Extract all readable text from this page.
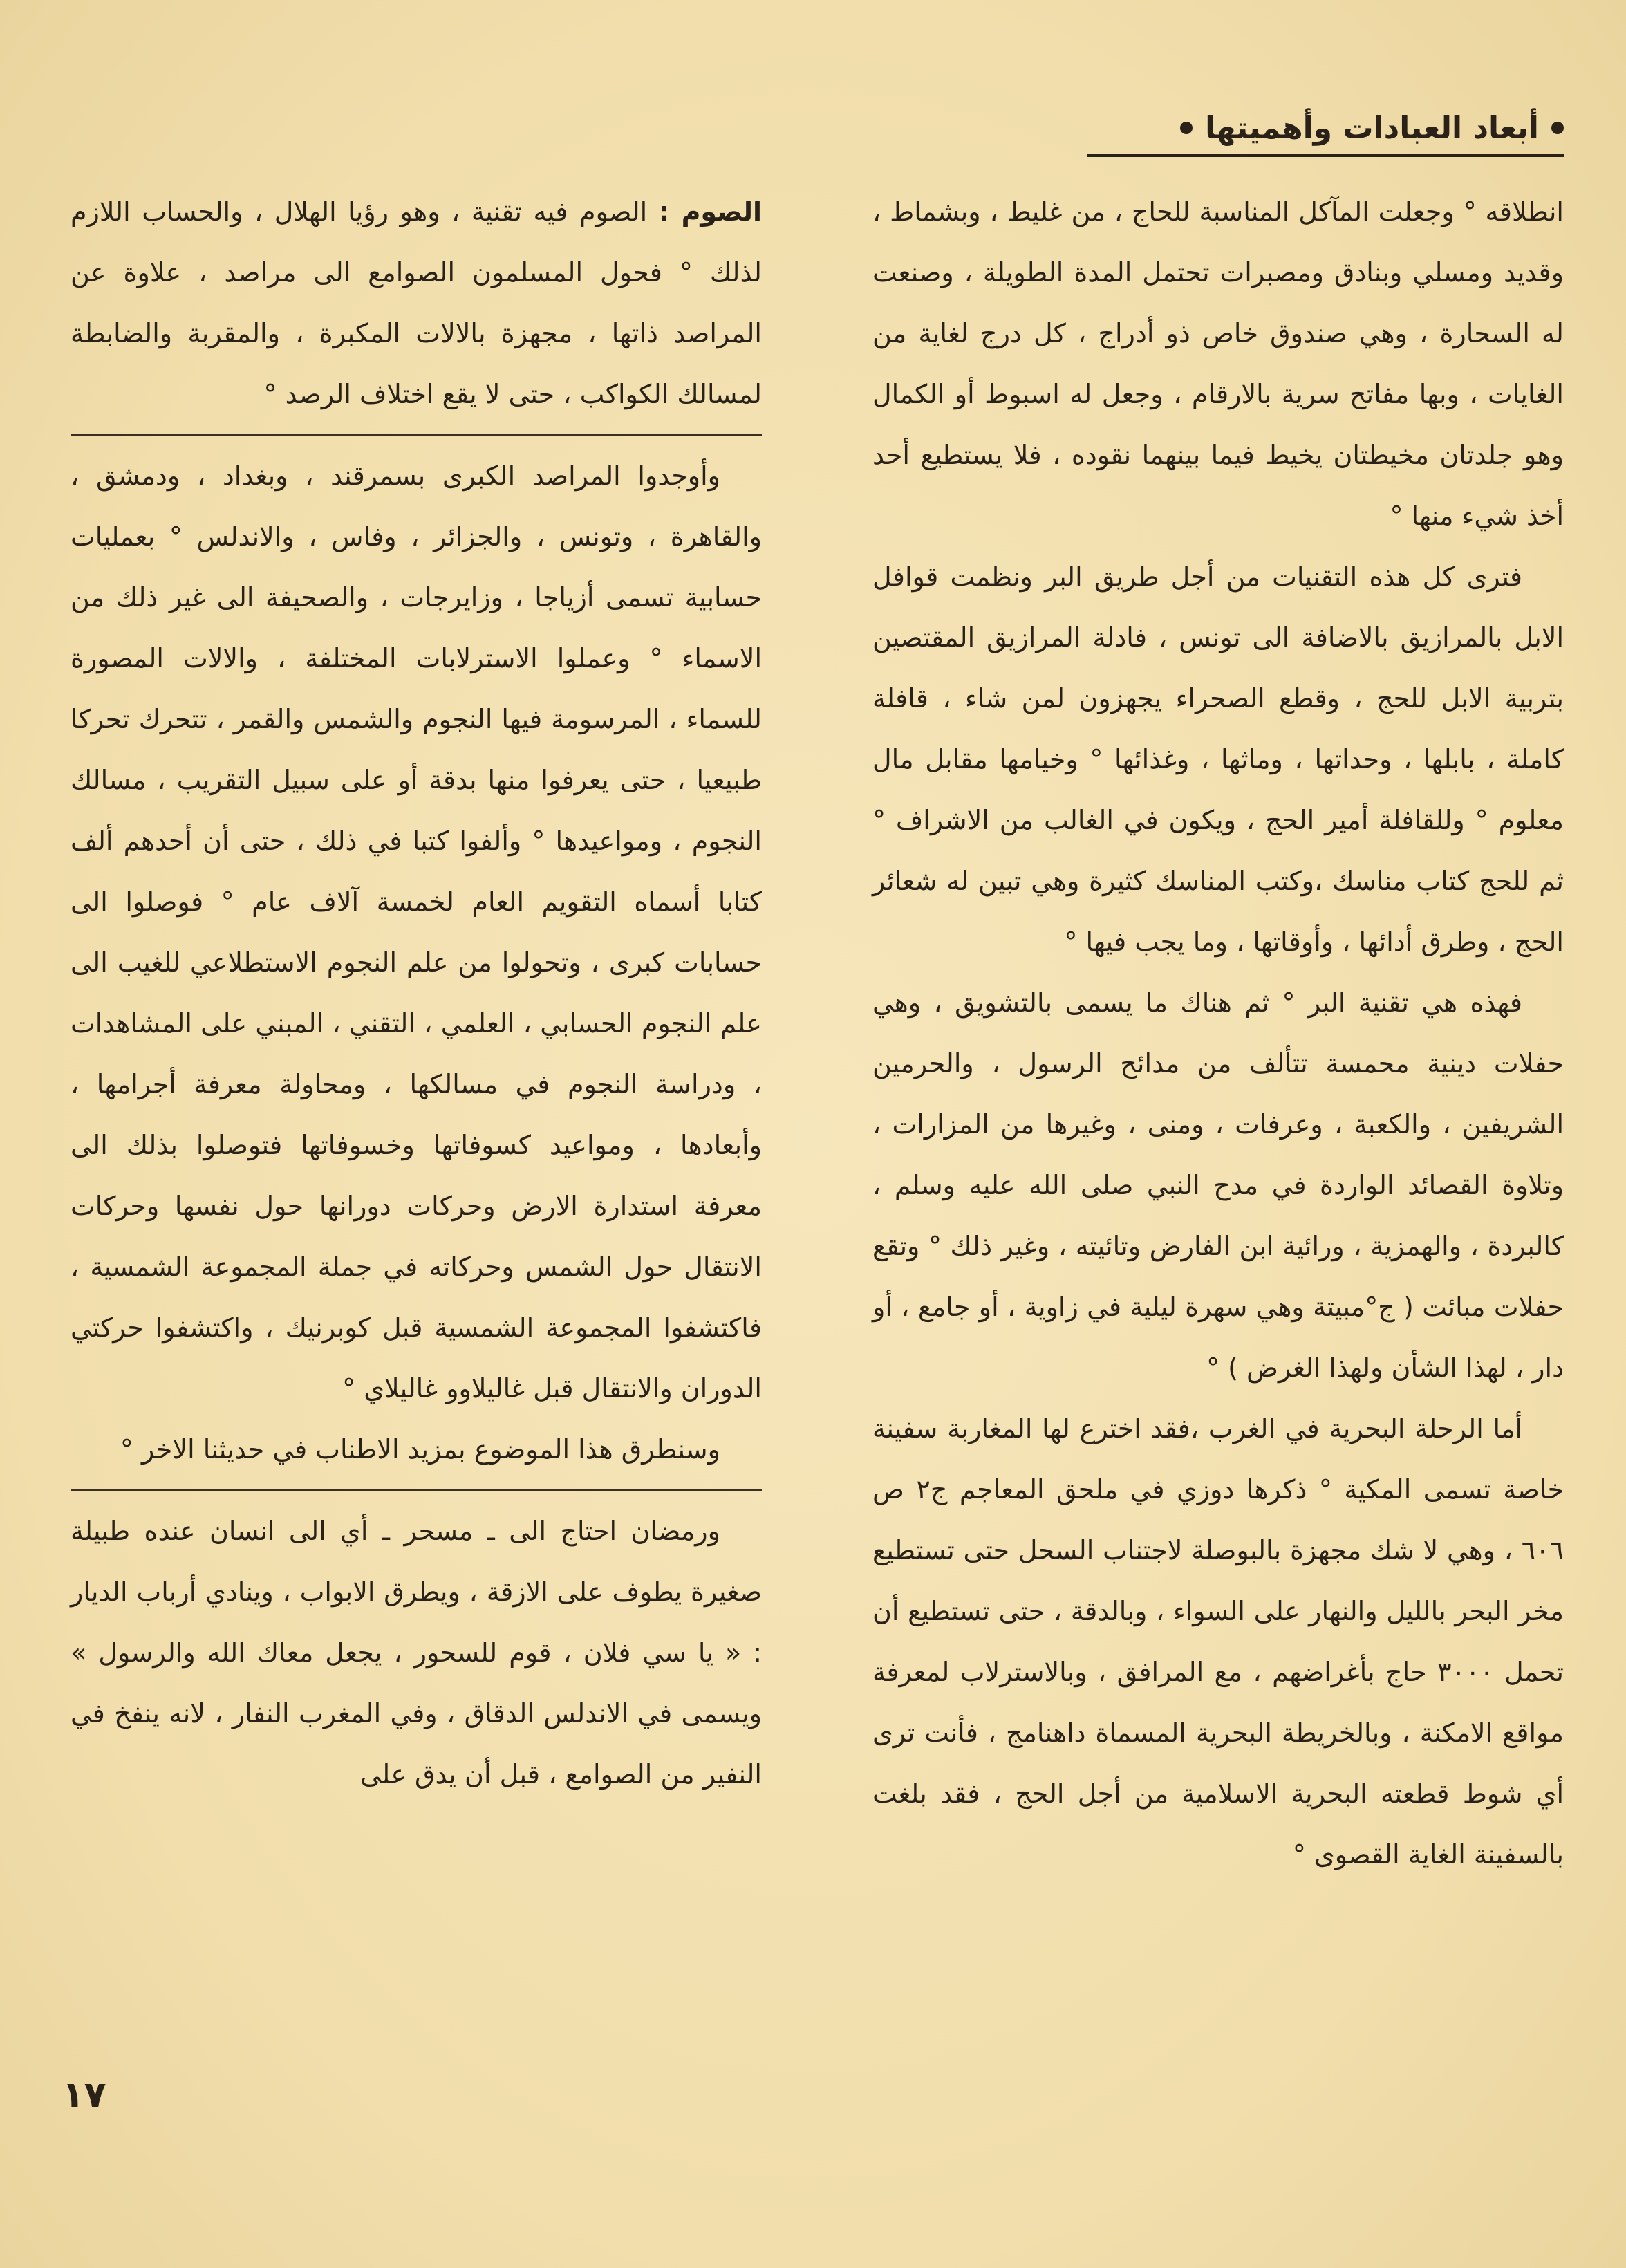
أبعاد العبادات وأهميتها

انطلاقه ° وجعلت المآكل المناسبة للحاج ، من غليط ، وبشماط ، وقديد ومسلي وبنادق ومصبرات تحتمل المدة الطويلة ، وصنعت له السحارة ، وهي صندوق خاص ذو أدراج ، كل درج لغاية من الغايات ، وبها مفاتح سرية بالارقام ، وجعل له اسبوط أو الكمال وهو جلدتان مخيطتان يخيط فيما بينهما نقوده ، فلا يستطيع أحد أخذ شيء منها °

فترى كل هذه التقنيات من أجل طريق البر ونظمت قوافل الابل بالمرازيق بالاضافة الى تونس ، فادلة المرازيق المقتصين بتربية الابل للحج ، وقطع الصحراء يجهزون لمن شاء ، قافلة كاملة ، بابلها ، وحداتها ، وماثها ، وغذائها ° وخيامها مقابل مال معلوم ° وللقافلة أمير الحج ، ويكون في الغالب من الاشراف ° ثم للحج كتاب مناسك ،وكتب المناسك كثيرة وهي تبين له شعائر الحج ، وطرق أدائها ، وأوقاتها ، وما يجب فيها °

فهذه هي تقنية البر ° ثم هناك ما يسمى بالتشويق ، وهي حفلات دينية محمسة تتألف من مدائح الرسول ، والحرمين الشريفين ، والكعبة ، وعرفات ، ومنى ، وغيرها من المزارات ، وتلاوة القصائد الواردة في مدح النبي صلى الله عليه وسلم ، كالبردة ، والهمزية ، ورائية ابن الفارض وتائيته ، وغير ذلك ° وتقع حفلات مبائت ( ج°مبيتة وهي سهرة ليلية في زاوية ، أو جامع ، أو دار ، لهذا الشأن ولهذا الغرض ) °

أما الرحلة البحرية في الغرب ،فقد اخترع لها المغاربة سفينة خاصة تسمى المكية ° ذكرها دوزي في ملحق المعاجم ج٢ ص ٦٠٦ ، وهي لا شك مجهزة بالبوصلة لاجتناب السحل حتى تستطيع مخر البحر بالليل والنهار على السواء ، وبالدقة ، حتى تستطيع أن تحمل ٣٠٠٠ حاج بأغراضهم ، مع المرافق ، وبالاسترلاب لمعرفة مواقع الامكنة ، وبالخريطة البحرية المسماة داهنامج ، فأنت ترى أي شوط قطعته البحرية الاسلامية من أجل الحج ، فقد بلغت بالسفينة الغاية القصوى °

الصوم : الصوم فيه تقنية ، وهو رؤيا الهلال ، والحساب اللازم لذلك ° فحول المسلمون الصوامع الى مراصد ، علاوة عن المراصد ذاتها ، مجهزة بالالات المكبرة ، والمقربة والضابطة لمسالك الكواكب ، حتى لا يقع اختلاف الرصد °

وأوجدوا المراصد الكبرى بسمرقند ، وبغداد ، ودمشق ، والقاهرة ، وتونس ، والجزائر ، وفاس ، والاندلس ° بعمليات حسابية تسمى أزياجا ، وزايرجات ، والصحيفة الى غير ذلك من الاسماء ° وعملوا الاسترلابات المختلفة ، والالات المصورة للسماء ، المرسومة فيها النجوم والشمس والقمر ، تتحرك تحركا طبيعيا ، حتى يعرفوا منها بدقة أو على سبيل التقريب ، مسالك النجوم ، ومواعيدها ° وألفوا كتبا في ذلك ، حتى أن أحدهم ألف كتابا أسماه التقويم العام لخمسة آلاف عام ° فوصلوا الى حسابات كبرى ، وتحولوا من علم النجوم الاستطلاعي للغيب الى علم النجوم الحسابي ، العلمي ، التقني ، المبني على المشاهدات ، ودراسة النجوم في مسالكها ، ومحاولة معرفة أجرامها ، وأبعادها ، ومواعيد كسوفاتها وخسوفاتها فتوصلوا بذلك الى معرفة استدارة الارض وحركات دورانها حول نفسها وحركات الانتقال حول الشمس وحركاته في جملة المجموعة الشمسية ، فاكتشفوا المجموعة الشمسية قبل كوبرنيك ، واكتشفوا حركتي الدوران والانتقال قبل غاليلاوو غاليلاي °

وسنطرق هذا الموضوع بمزيد الاطناب في حديثنا الاخر °

ورمضان احتاج الى ـ مسحر ـ أي الى انسان عنده طبيلة صغيرة يطوف على الازقة ، ويطرق الابواب ، وينادي أرباب الديار : « يا سي فلان ، قوم للسحور ، يجعل معاك الله والرسول » ويسمى في الاندلس الدقاق ، وفي المغرب النفار ، لانه ينفخ في النفير من الصوامع ، قبل أن يدق على

١٧
